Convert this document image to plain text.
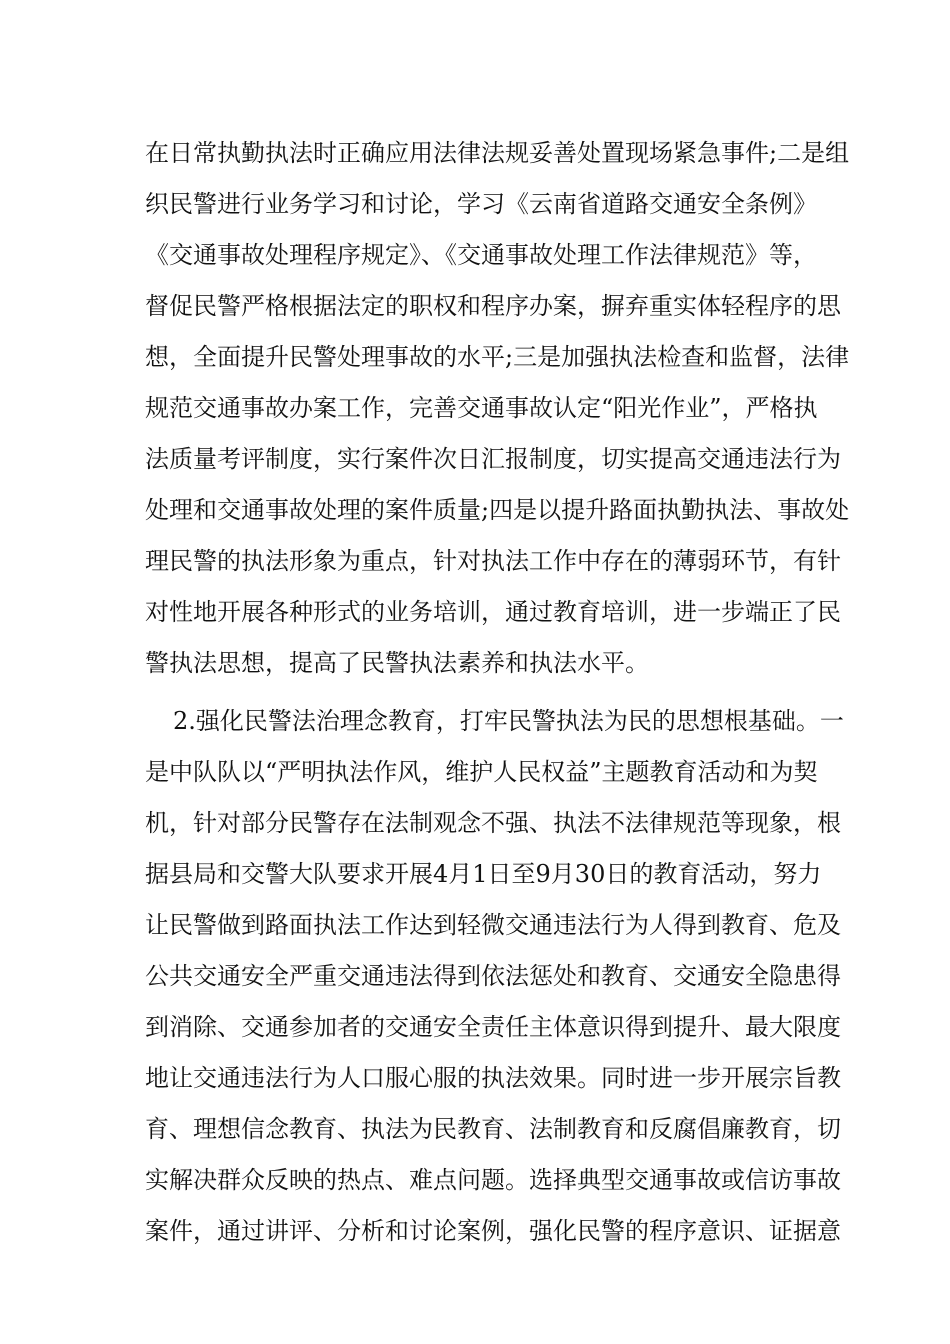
在日常执勤执法时正确应用法律法规妥善处置现场紧急事件;二是组
织民警进行业务学习和讨论，学习《云南省道路交通安全条例》
《交通事故处理程序规定》、《交通事故处理工作法律规范》等，
督促民警严格根据法定的职权和程序办案，摒弃重实体轻程序的思
想，全面提升民警处理事故的水平;三是加强执法检查和监督，法律
规范交通事故办案工作，完善交通事故认定“阳光作业”，严格执
法质量考评制度，实行案件次日汇报制度，切实提高交通违法行为
处理和交通事故处理的案件质量;四是以提升路面执勤执法、事故处
理民警的执法形象为重点，针对执法工作中存在的薄弱环节，有针
对性地开展各种形式的业务培训，通过教育培训，进一步端正了民
警执法思想，提高了民警执法素养和执法水平。
2.强化民警法治理念教育，打牢民警执法为民的思想根基础。一
是中队队以“严明执法作风，维护人民权益”主题教育活动和为契
机，针对部分民警存在法制观念不强、执法不法律规范等现象，根
据县局和交警大队要求开展4月1日至9月30日的教育活动，努力
让民警做到路面执法工作达到轻微交通违法行为人得到教育、危及
公共交通安全严重交通违法得到依法惩处和教育、交通安全隐患得
到消除、交通参加者的交通安全责任主体意识得到提升、最大限度
地让交通违法行为人口服心服的执法效果。同时进一步开展宗旨教
育、理想信念教育、执法为民教育、法制教育和反腐倡廉教育，切
实解决群众反映的热点、难点问题。选择典型交通事故或信访事故
案件，通过讲评、分析和讨论案例，强化民警的程序意识、证据意
